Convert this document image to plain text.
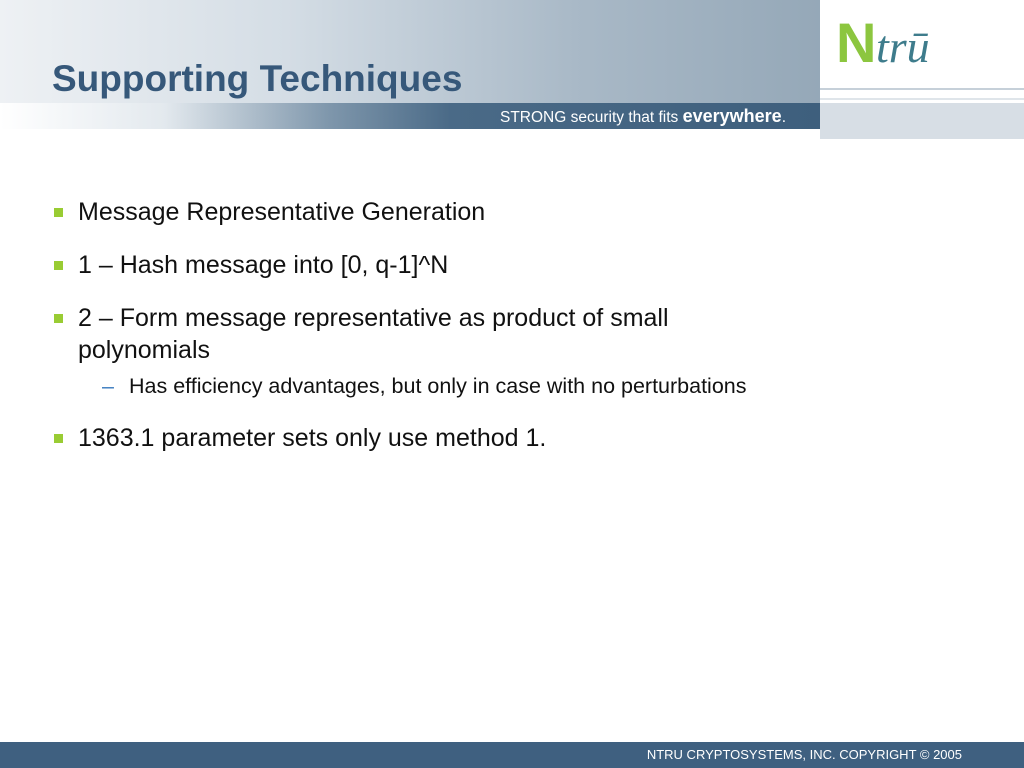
Supporting Techniques
STRONG security that fits everywhere.
N trū
Message Representative Generation
1 – Hash message into [0, q-1]^N
2 – Form message representative as product of small polynomials
– Has efficiency advantages, but only in case with no perturbations
1363.1 parameter sets only use method 1.
NTRU CRYPTOSYSTEMS, INC. COPYRIGHT © 2005
